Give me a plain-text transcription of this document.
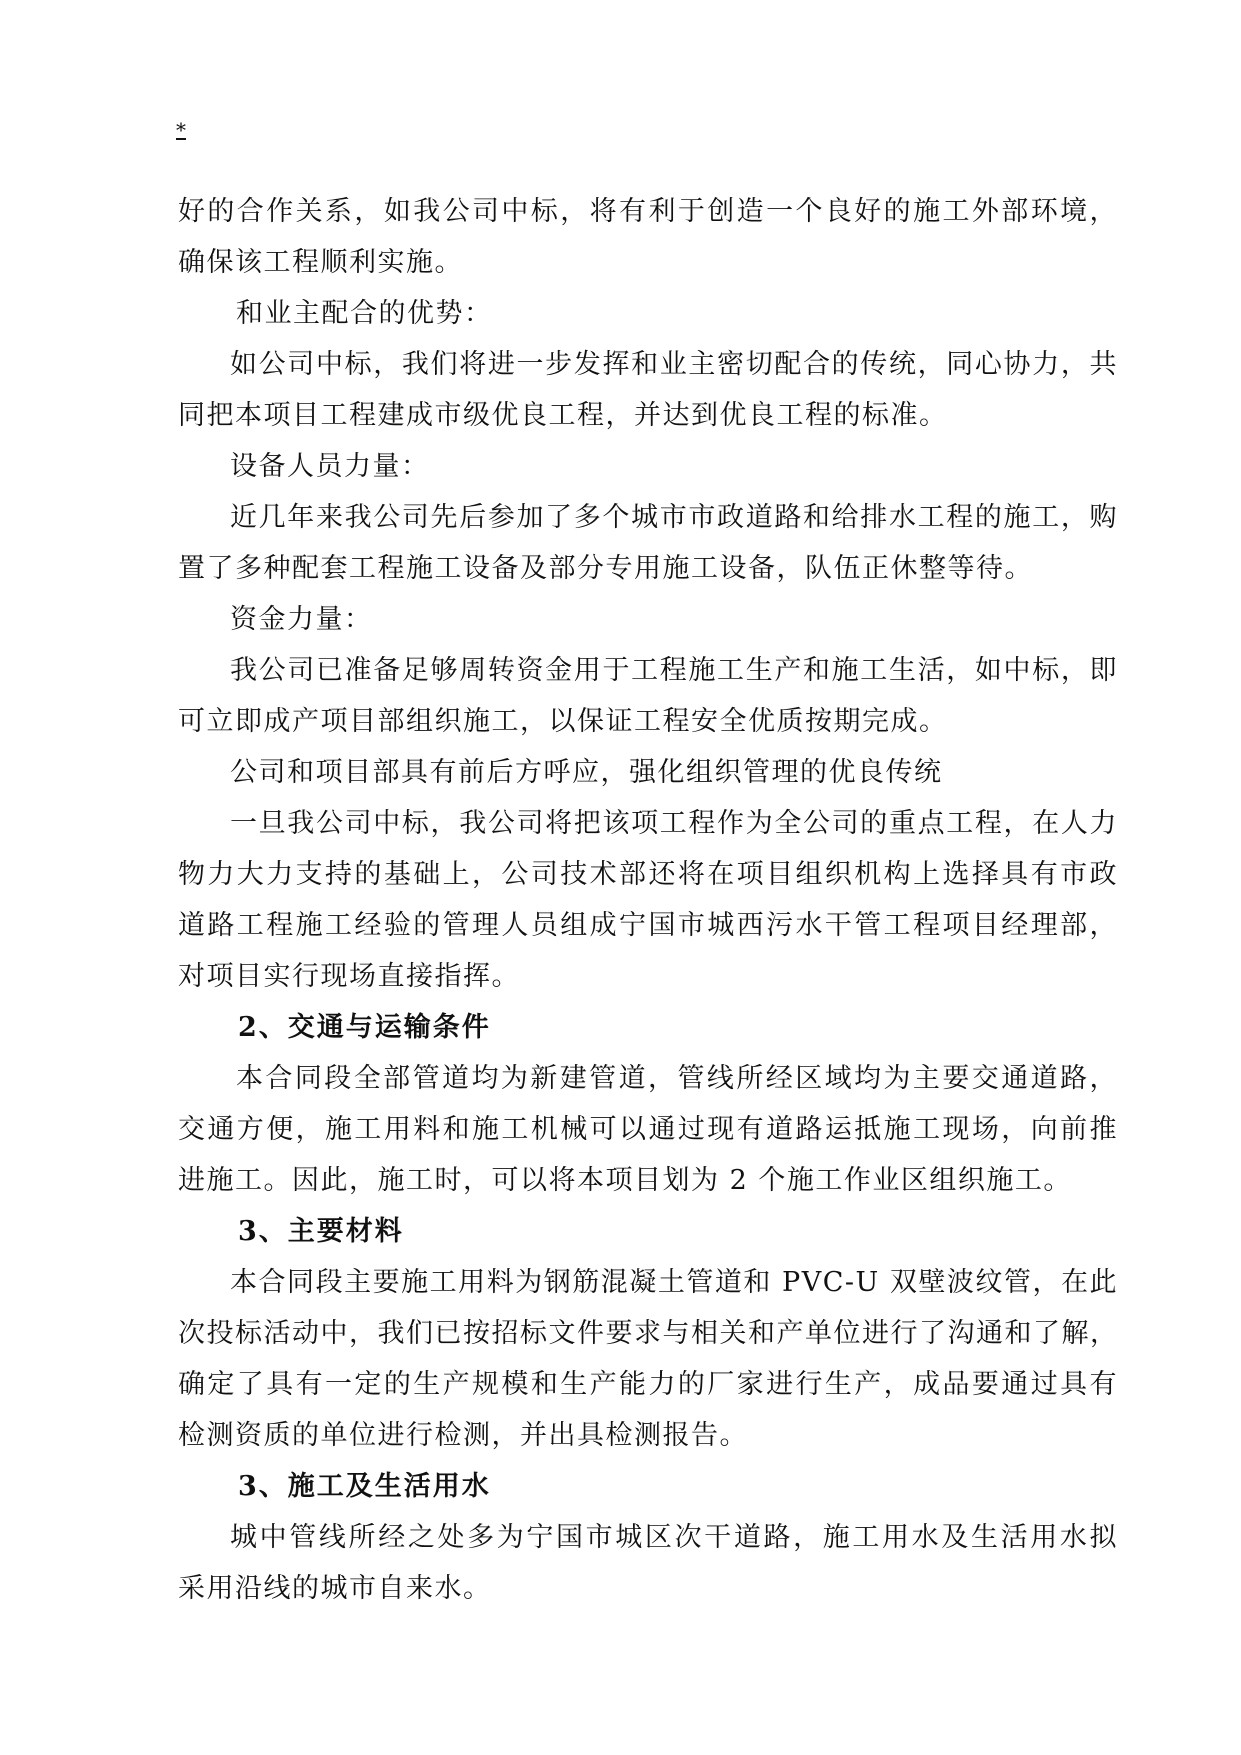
*
好的合作关系，如我公司中标，将有利于创造一个良好的施工外部环境，
确保该工程顺利实施。
和业主配合的优势：
如公司中标，我们将进一步发挥和业主密切配合的传统，同心协力，共
同把本项目工程建成市级优良工程，并达到优良工程的标准。
设备人员力量：
近几年来我公司先后参加了多个城市市政道路和给排水工程的施工，购
置了多种配套工程施工设备及部分专用施工设备，队伍正休整等待。
资金力量：
我公司已准备足够周转资金用于工程施工生产和施工生活，如中标，即
可立即成产项目部组织施工，以保证工程安全优质按期完成。
公司和项目部具有前后方呼应，强化组织管理的优良传统
一旦我公司中标，我公司将把该项工程作为全公司的重点工程，在人力
物力大力支持的基础上，公司技术部还将在项目组织机构上选择具有市政
道路工程施工经验的管理人员组成宁国市城西污水干管工程项目经理部，
对项目实行现场直接指挥。
2、交通与运输条件
本合同段全部管道均为新建管道，管线所经区域均为主要交通道路，
交通方便，施工用料和施工机械可以通过现有道路运抵施工现场，向前推
进施工。因此，施工时，可以将本项目划为 2 个施工作业区组织施工。
3、主要材料
本合同段主要施工用料为钢筋混凝土管道和 PVC-U 双壁波纹管，在此
次投标活动中，我们已按招标文件要求与相关和产单位进行了沟通和了解，
确定了具有一定的生产规模和生产能力的厂家进行生产，成品要通过具有
检测资质的单位进行检测，并出具检测报告。
3、施工及生活用水
城中管线所经之处多为宁国市城区次干道路，施工用水及生活用水拟
采用沿线的城市自来水。
